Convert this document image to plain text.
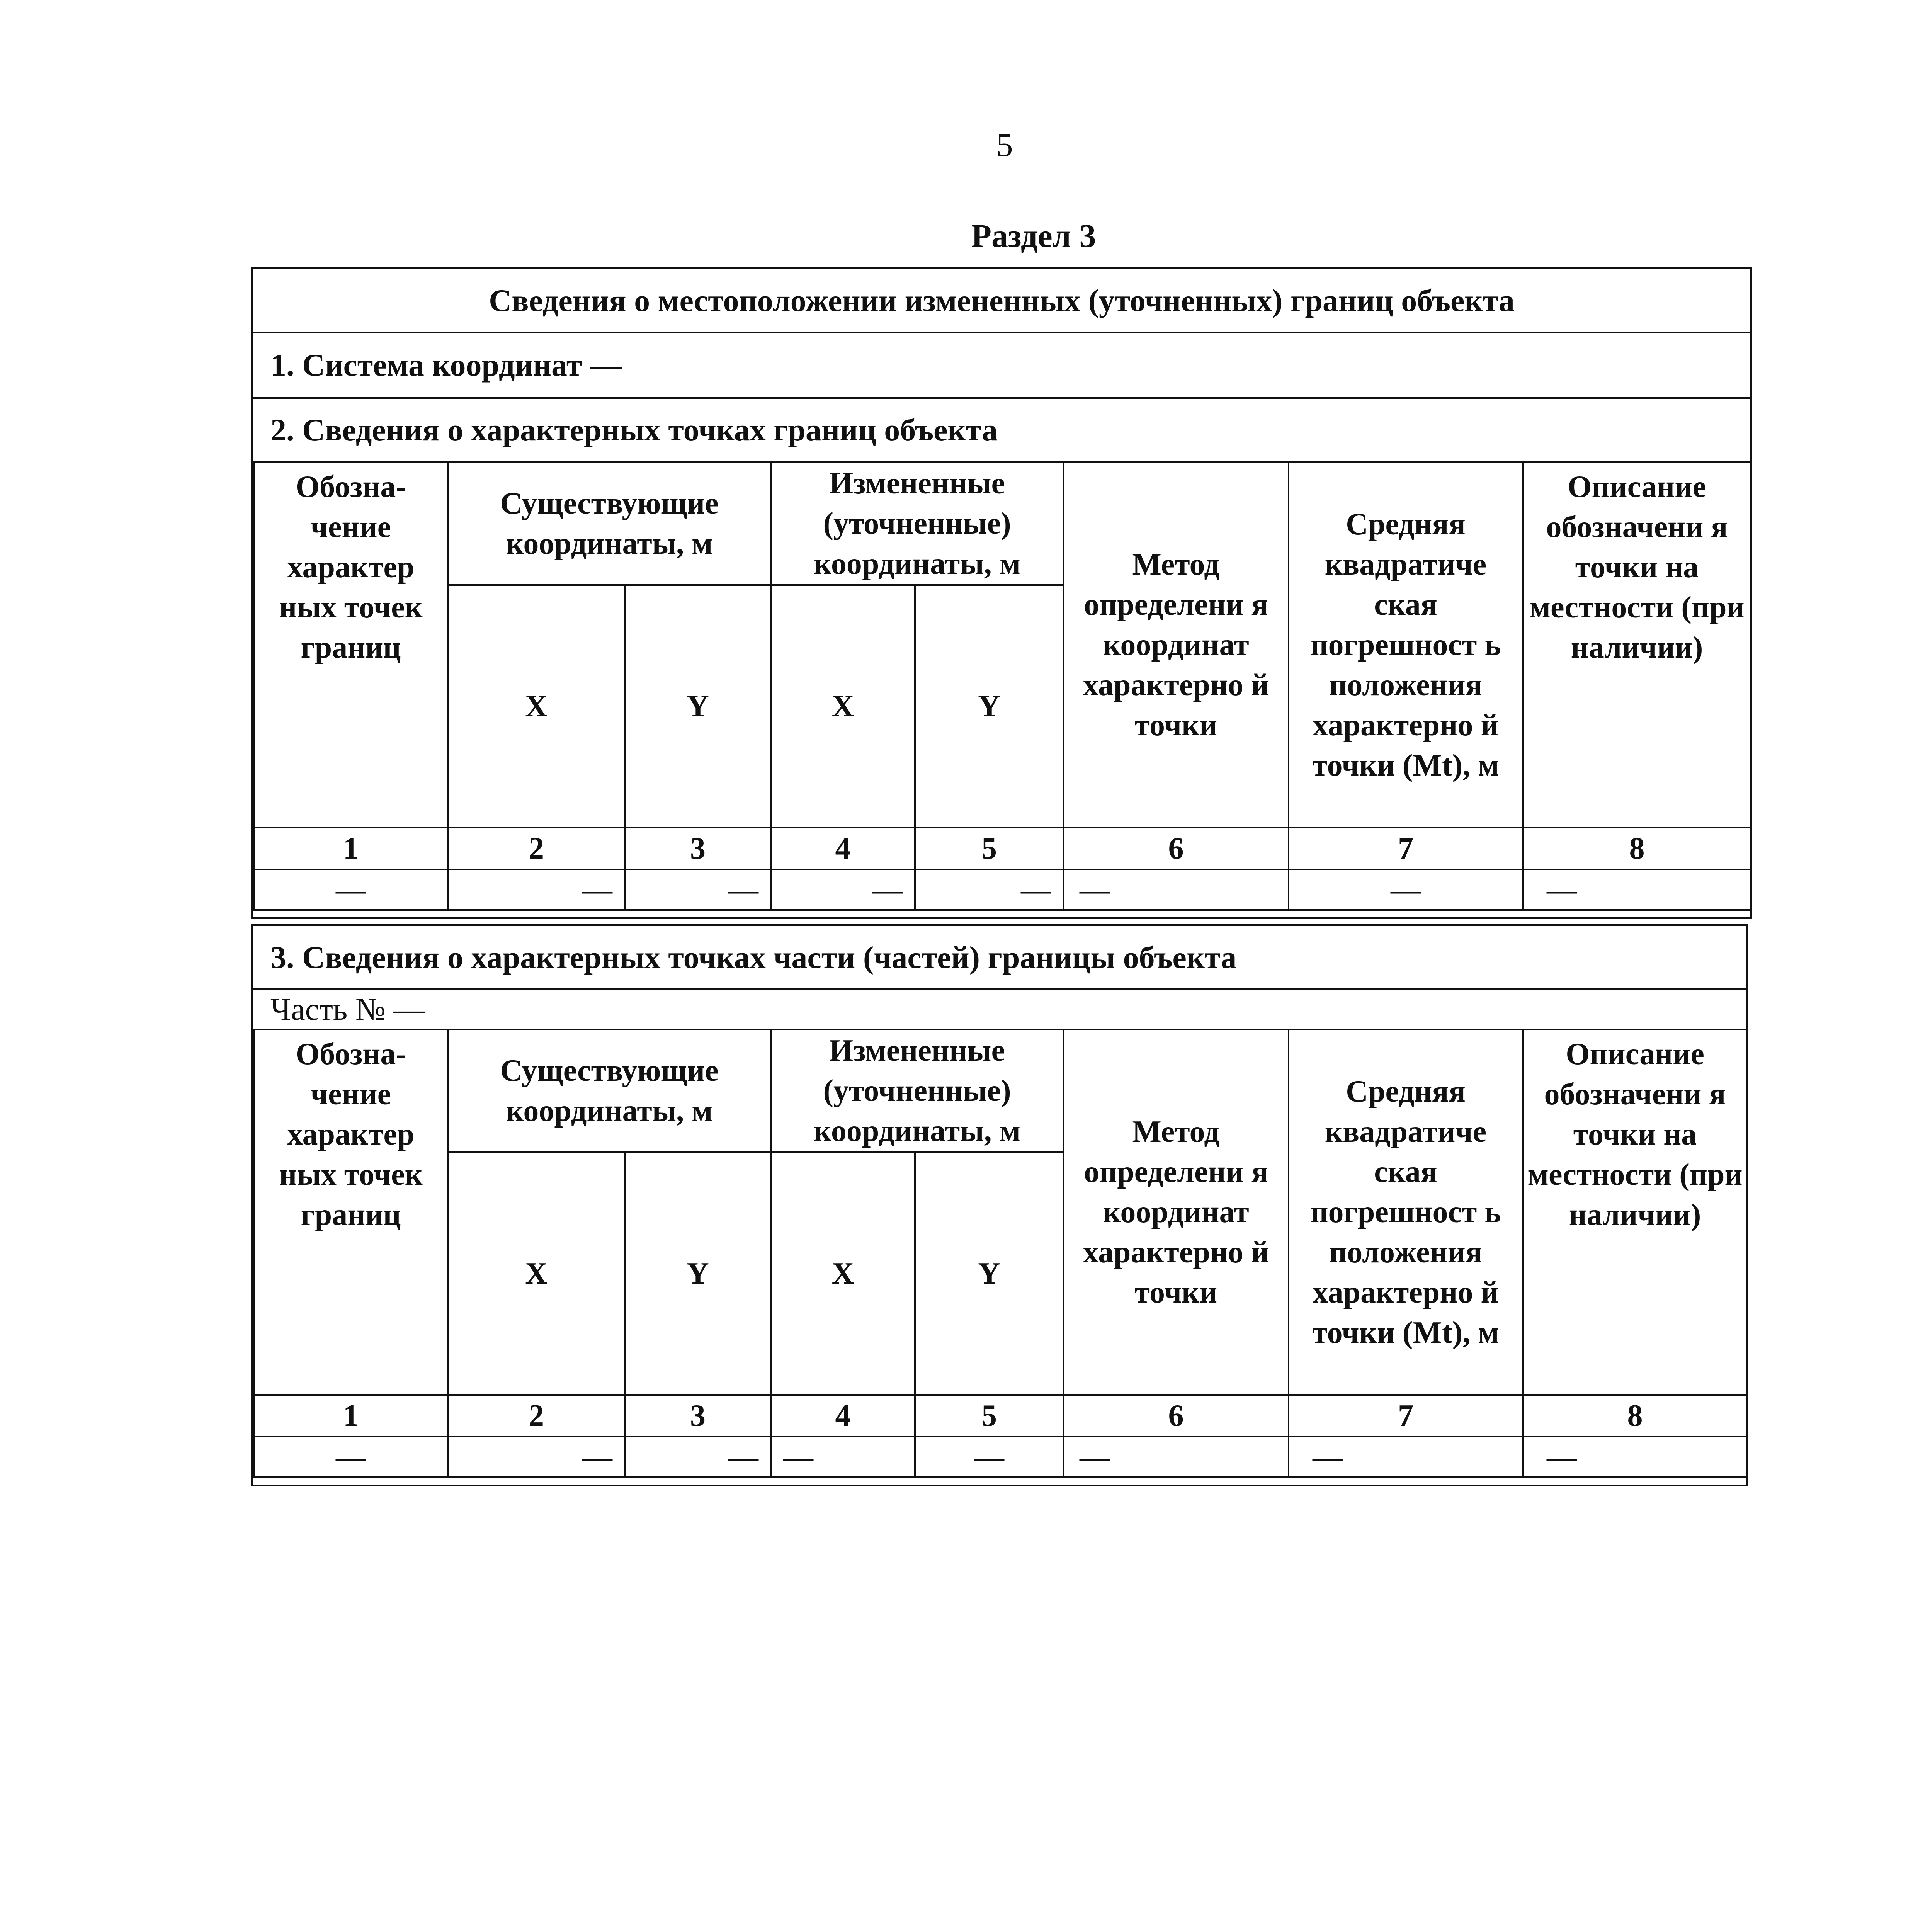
5
Раздел 3
Сведения о местоположении измененных (уточненных) границ объекта
1. Система координат —
2. Сведения о характерных точках границ объекта
Обозна-чение характер ных точек границ	Существующие координаты, м		Измененные (уточненные) координаты, м		Метод определени я координат характерно й точки	Средняя квадратиче ская погрешност ь положения характерно й точки (Mt), м	Описание обозначени я точки на местности (при наличии)
	X	Y	X	Y			
1	2	3	4	5	6	7	8
—	—	—	—	—	—	—	—
3. Сведения о характерных точках части (частей) границы объекта
Часть № —
Обозна-чение характер ных точек границ	Существующие координаты, м		Измененные (уточненные) координаты, м		Метод определени я координат характерно й точки	Средняя квадратиче ская погрешност ь положения характерно й точки (Mt), м	Описание обозначени я точки на местности (при наличии)
	X	Y	X	Y			
1	2	3	4	5	6	7	8
—	—	—	—	—	—	—	—
